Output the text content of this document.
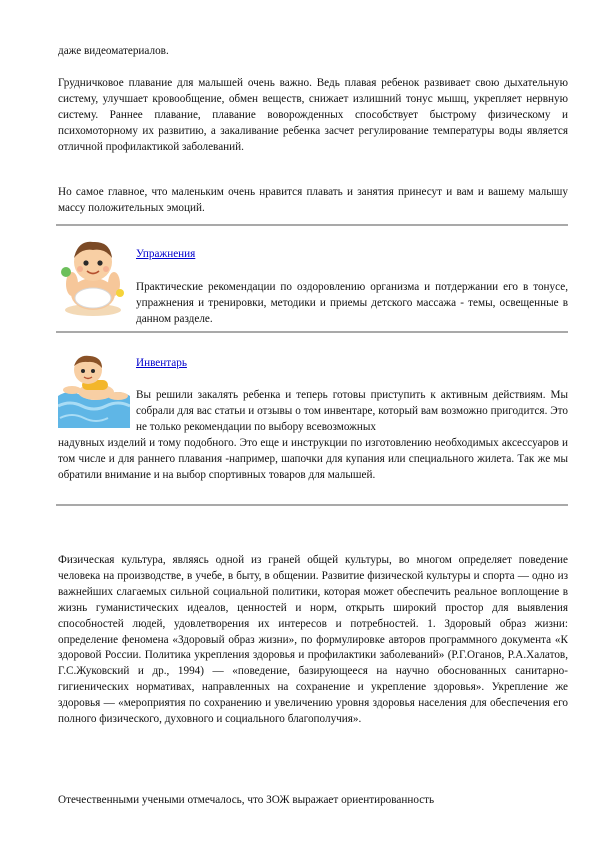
даже видеоматериалов.

Грудничковое плавание для малышей очень важно. Ведь плавая ребенок развивает свою дыхательную систему, улучшает кровообщение, обмен веществ, снижает излишний тонус мышц, укрепляет нервную систему. Раннее плавание, плавание воворожденных способствует быстрому физическому и психомоторному их развитию, а закаливание ребенка засчет регулирование температуры воды является отличной профилактикой заболеваний.

Но самое главное, что маленьким очень нравится плавать и занятия принесут и вам и вашему малышу массу положительных эмоций.

Упражнения

Практические рекомендации по оздоровлению организма и потдержании его в тонусе, упражнения и тренировки, методики и приемы детского массажа - темы, освещенные в данном разделе.

Инвентарь

Вы решили закалять ребенка и теперь готовы приступить к активным действиям. Мы собрали для вас статьи и отзывы о том инвентаре, который вам возможно пригодится. Это не только рекомендации по выбору всевозможных

надувных изделий и тому подобного. Это еще и инструкции по изготовлению необходимых аксессуаров и том числе и для раннего плавания -например, шапочки для купания или специального жилета. Так же мы обратили внимание и на выбор спортивных товаров для малышей.

Физическая культура, являясь одной из граней общей культуры, во многом определяет поведение человека на производстве, в учебе, в быту, в общении. Развитие физической культуры и спорта — одно из важнейших слагаемых сильной социальной политики, которая может обеспечить реальное воплощение в жизнь гуманистических идеалов, ценностей и норм, открыть широкий простор для выявления способностей людей, удовлетворения их интересов и потребностей. 1. Здоровый образ жизни: определение феномена «Здоровый образ жизни», по формулировке авторов программного документа «К здоровой России. Политика укрепления здоровья и профилактики заболеваний» (Р.Г.Оганов, Р.А.Халатов, Г.С.Жуковский и др., 1994) — «поведение, базирующееся на научно обоснованных санитарно-гигиенических нормативах, направленных на сохранение и укрепление здоровья». Укрепление же здоровья — «мероприятия по сохранению и увеличению уровня здоровья населения для обеспечения его полного физического, духовного и социального благополучия».

Отечественными учеными отмечалось, что ЗОЖ выражает ориентированность
